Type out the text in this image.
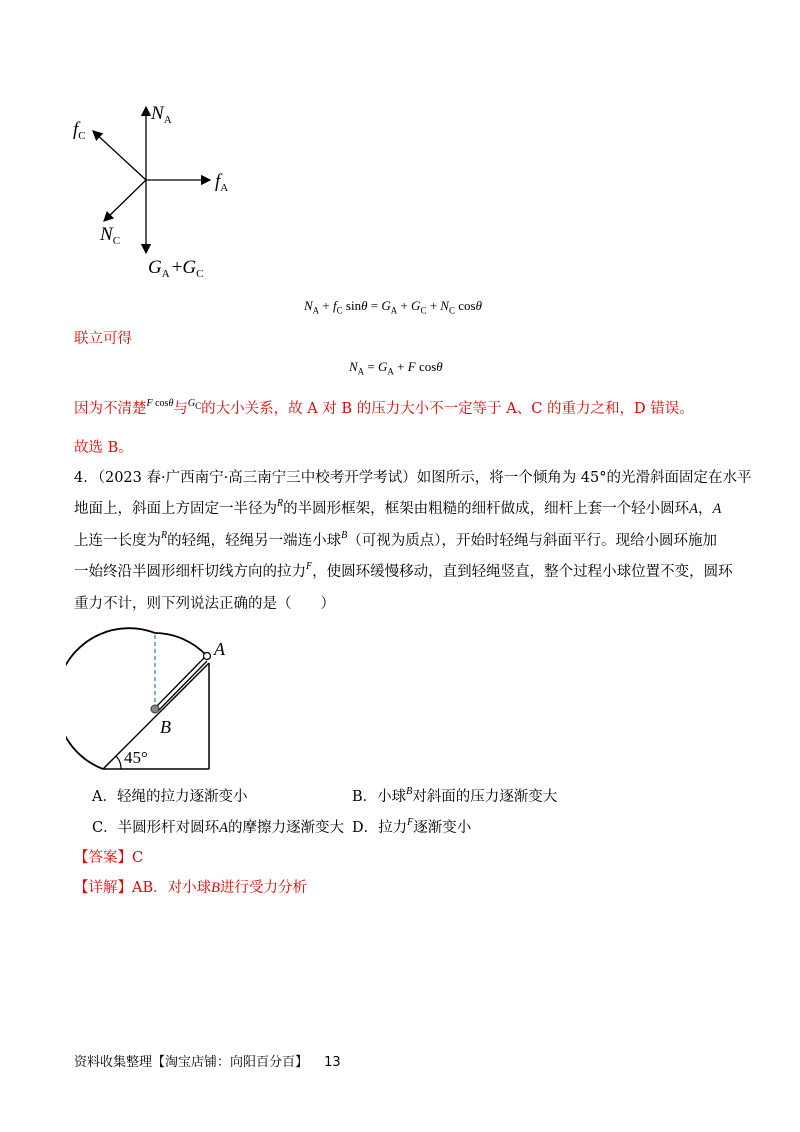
$f_C$
$N_A$
$f_A$
$N_C$
$G_A +G_C$
$N_A + f_C$ $\sin\theta = G_A + G_C + N_C$ cosθ
联立可得
$N_A = G_A + F$ cosθ
因为不清楚$^{F cos\theta}$与$^{G_C}$的大小关系，故 A 对 B 的压力大小不一定等于 A、C 的重力之和，D 错误。
故选 B。
4．（2023 春·广西南宁·高三南宁三中校考开学考试）如图所示，将一个倾角为 45°的光滑斜面固定在水平
地面上，斜面上方固定一半径为$^R$的半圆形框架，框架由粗糙的细杆做成，细杆上套一个轻小圆环A，A
上连一长度为$^R$的轻绳，轻绳另一端连小球$^B$（可视为质点），开始时轻绳与斜面平行。现给小圆环施加
一始终沿半圆形细杆切线方向的拉力$^F$，使圆环缓慢移动，直到轻绳竖直，整个过程小球位置不变，圆环
重力不计，则下列说法正确的是（　　）
A
B
45°
A．轻绳的拉力逐渐变小	B．小球$^B$对斜面的压力逐渐变大
C．半圆形杆对圆环A的摩擦力逐渐变大 D．拉力$^F$逐渐变小
【答案】C
【详解】AB．对小球B进行受力分析
资料收集整理【淘宝店铺：向阳百分百】 13
